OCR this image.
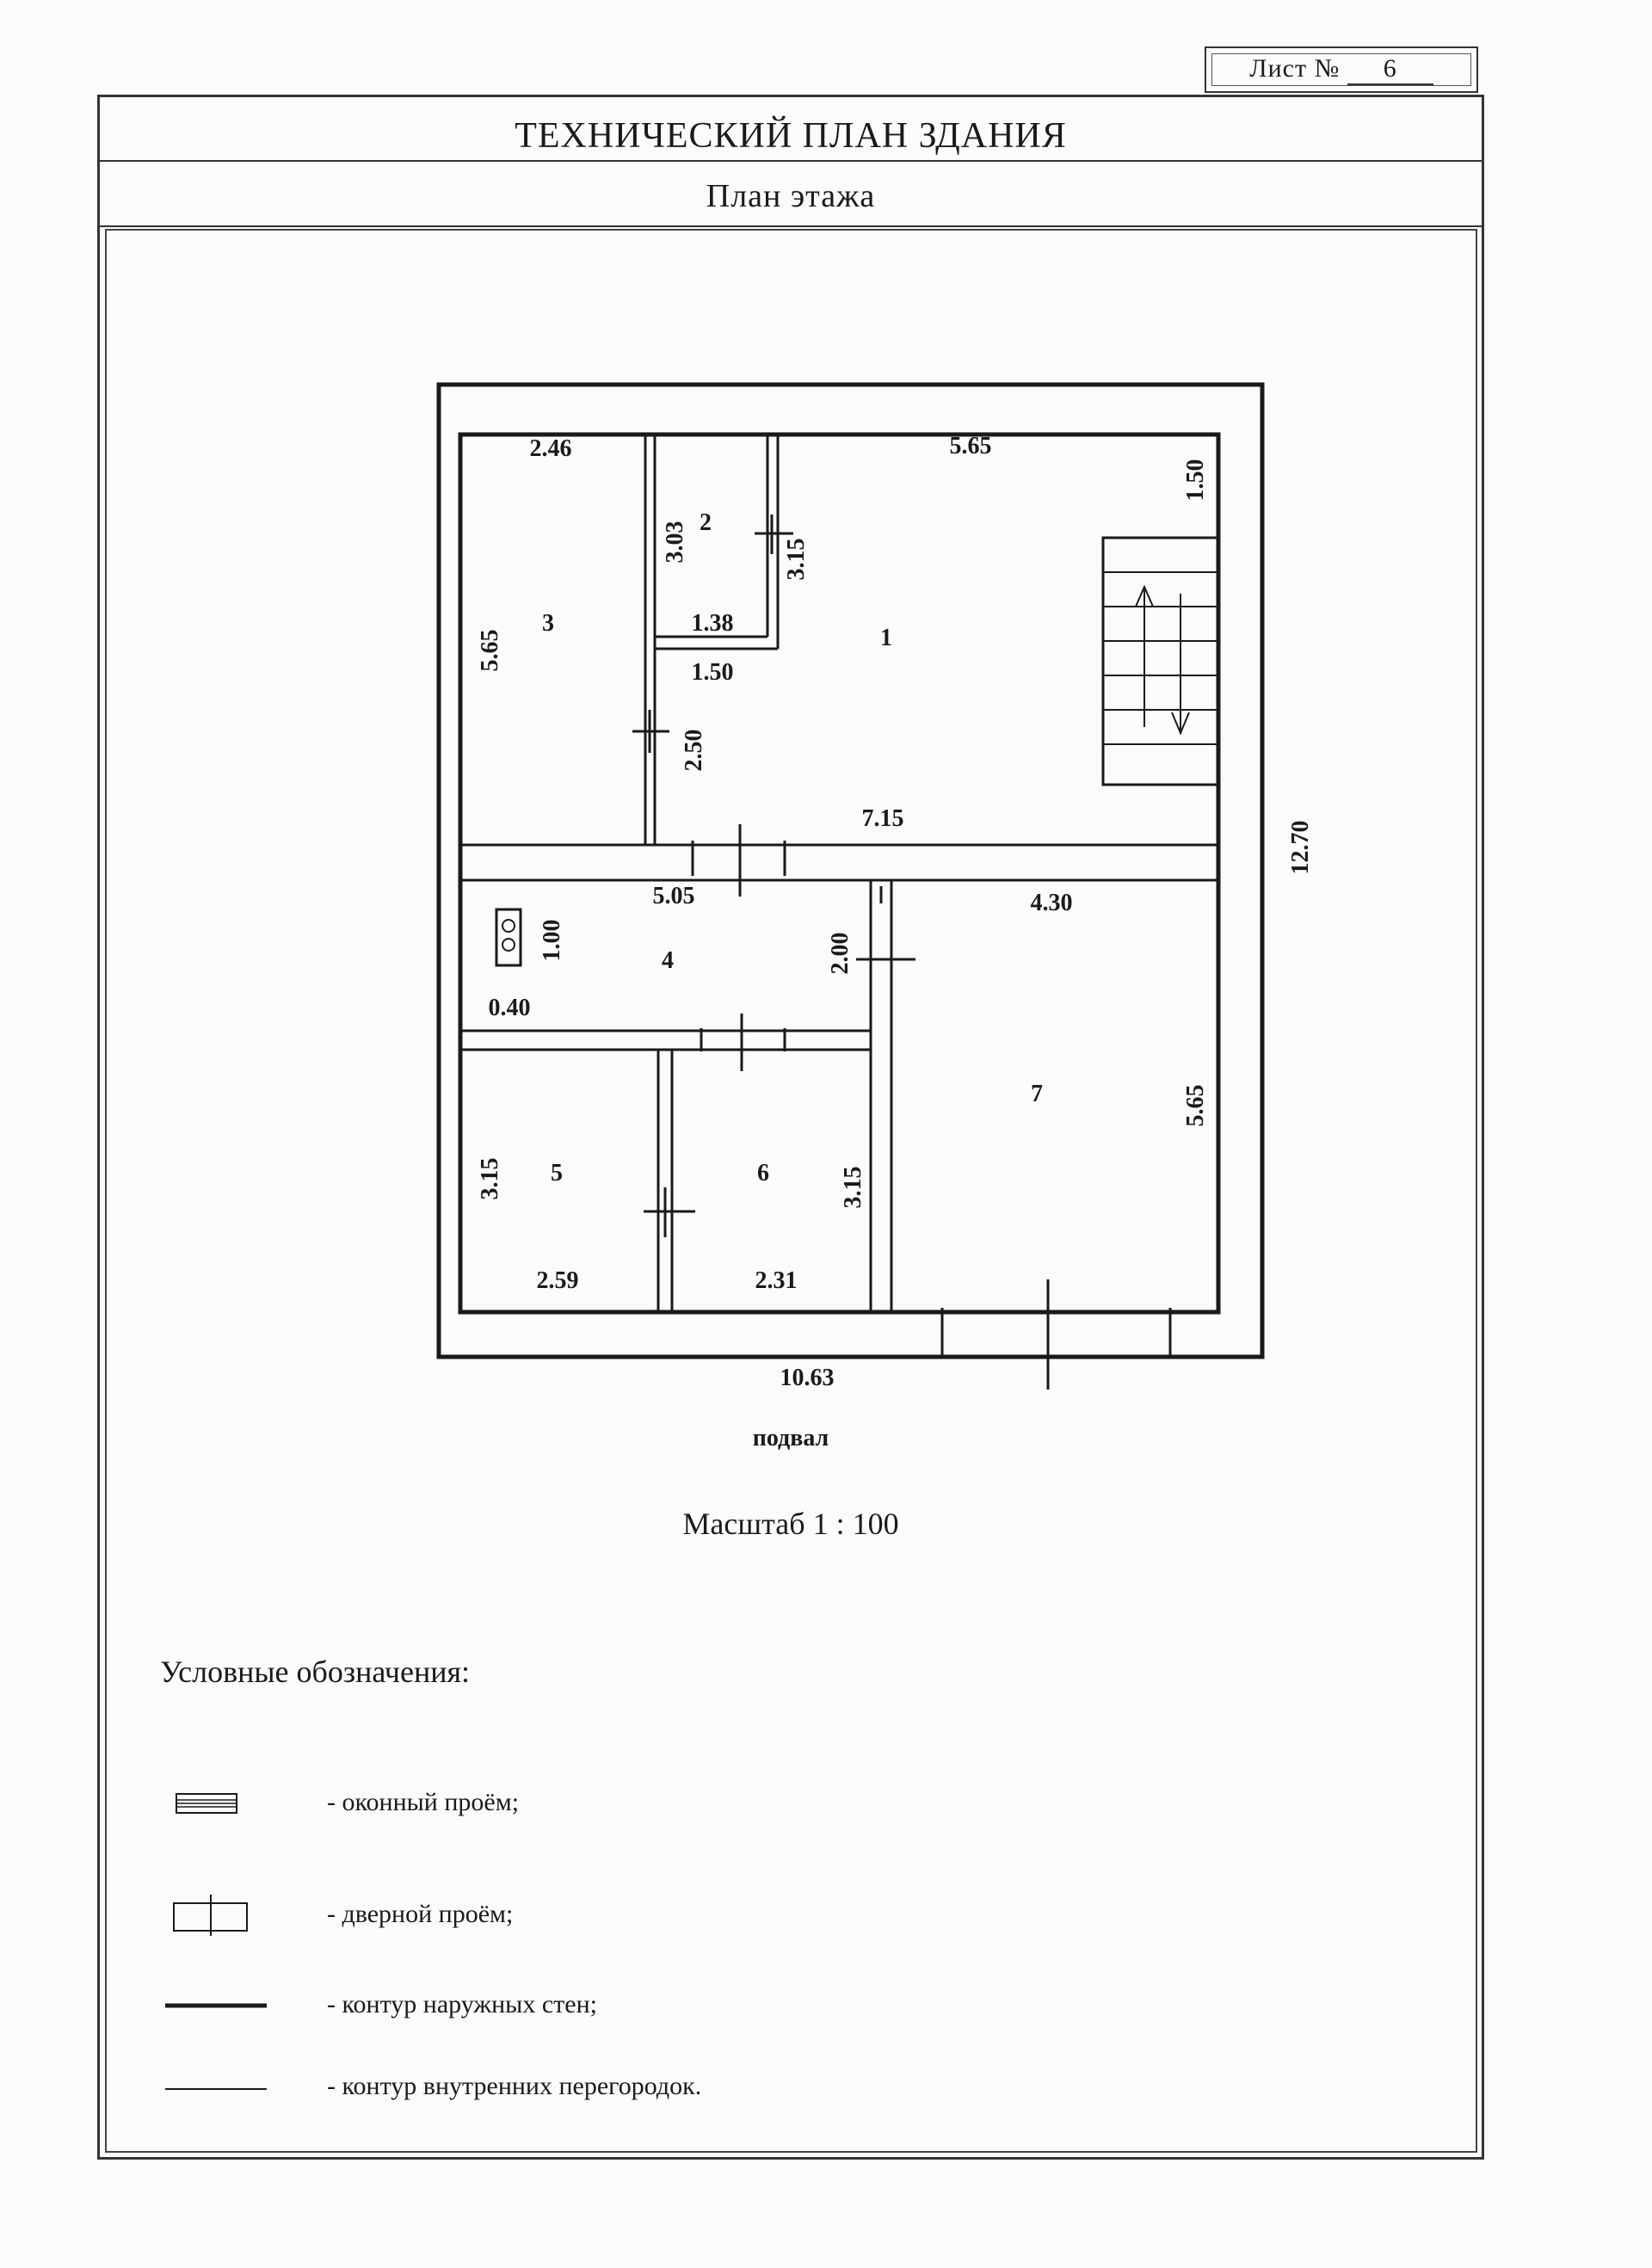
Лист № 6
ТЕХНИЧЕСКИЙ ПЛАН ЗДАНИЯ
План этажа
1
2
3
4
5	6
7
2.46	5.65
1.50
3.03	3.15
1.38
1.50
5.65
2.50
7.15
12.70
5.05
1.00
0.40
2.00
4.30
5.65
3.15	3.15
2.59	2.31
10.63
подвал
Масштаб 1 : 100
Условные обозначения:
- оконный проём;
- дверной проём;
- контур наружных стен;
- контур внутренних перегородок.
